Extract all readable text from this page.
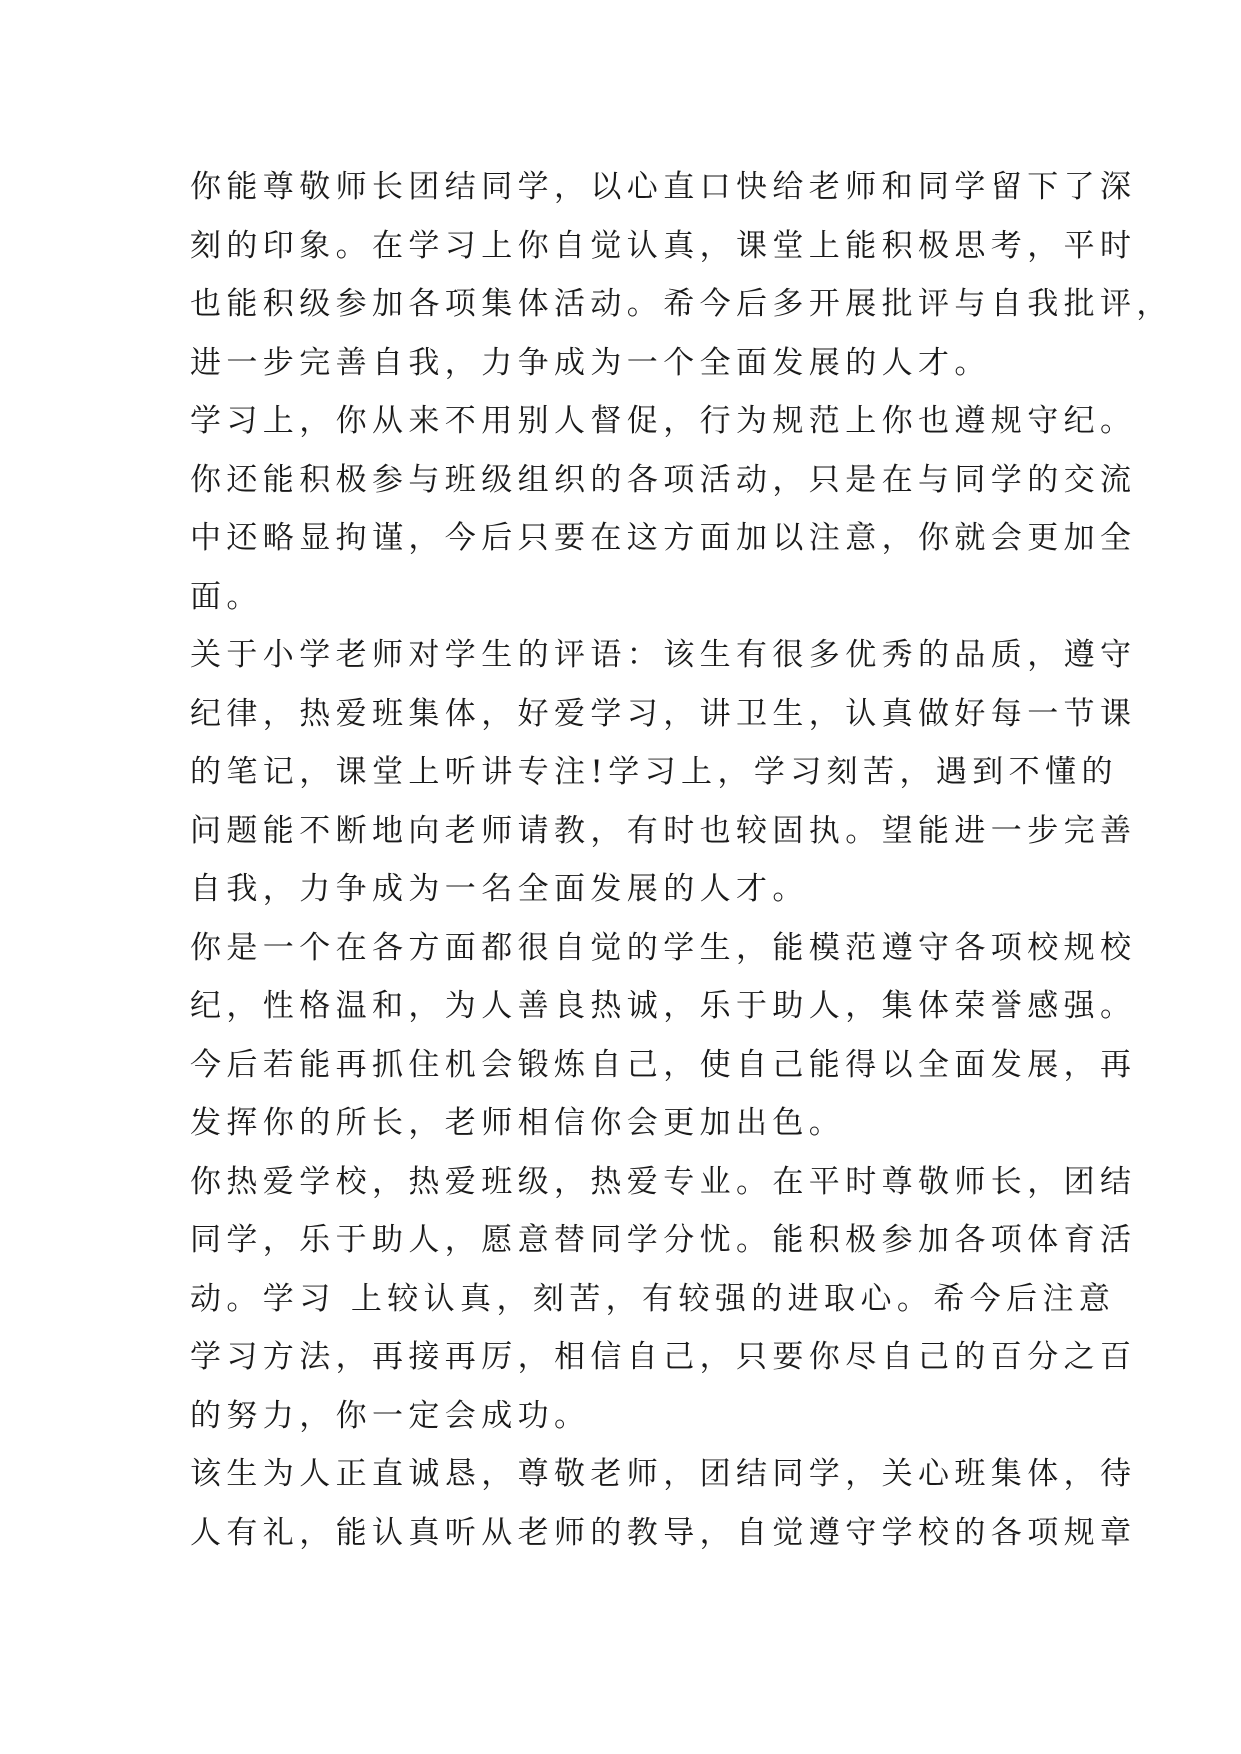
你能尊敬师长团结同学，以心直口快给老师和同学留下了深
刻的印象。在学习上你自觉认真，课堂上能积极思考，平时
也能积级参加各项集体活动。希今后多开展批评与自我批评，
进一步完善自我，力争成为一个全面发展的人才。
学习上，你从来不用别人督促，行为规范上你也遵规守纪。
你还能积极参与班级组织的各项活动，只是在与同学的交流
中还略显拘谨，今后只要在这方面加以注意，你就会更加全
面。
关于小学老师对学生的评语：该生有很多优秀的品质，遵守
纪律，热爱班集体，好爱学习，讲卫生，认真做好每一节课
的笔记，课堂上听讲专注!学习上，学习刻苦，遇到不懂的
问题能不断地向老师请教，有时也较固执。望能进一步完善
自我，力争成为一名全面发展的人才。
你是一个在各方面都很自觉的学生，能模范遵守各项校规校
纪，性格温和，为人善良热诚，乐于助人，集体荣誉感强。
今后若能再抓住机会锻炼自己，使自己能得以全面发展，再
发挥你的所长，老师相信你会更加出色。
你热爱学校，热爱班级，热爱专业。在平时尊敬师长，团结
同学，乐于助人，愿意替同学分忧。能积极参加各项体育活
动。学习 上较认真，刻苦，有较强的进取心。希今后注意
学习方法，再接再厉，相信自己，只要你尽自己的百分之百
的努力，你一定会成功。
该生为人正直诚恳，尊敬老师，团结同学，关心班集体，待
人有礼，能认真听从老师的教导，自觉遵守学校的各项规章
